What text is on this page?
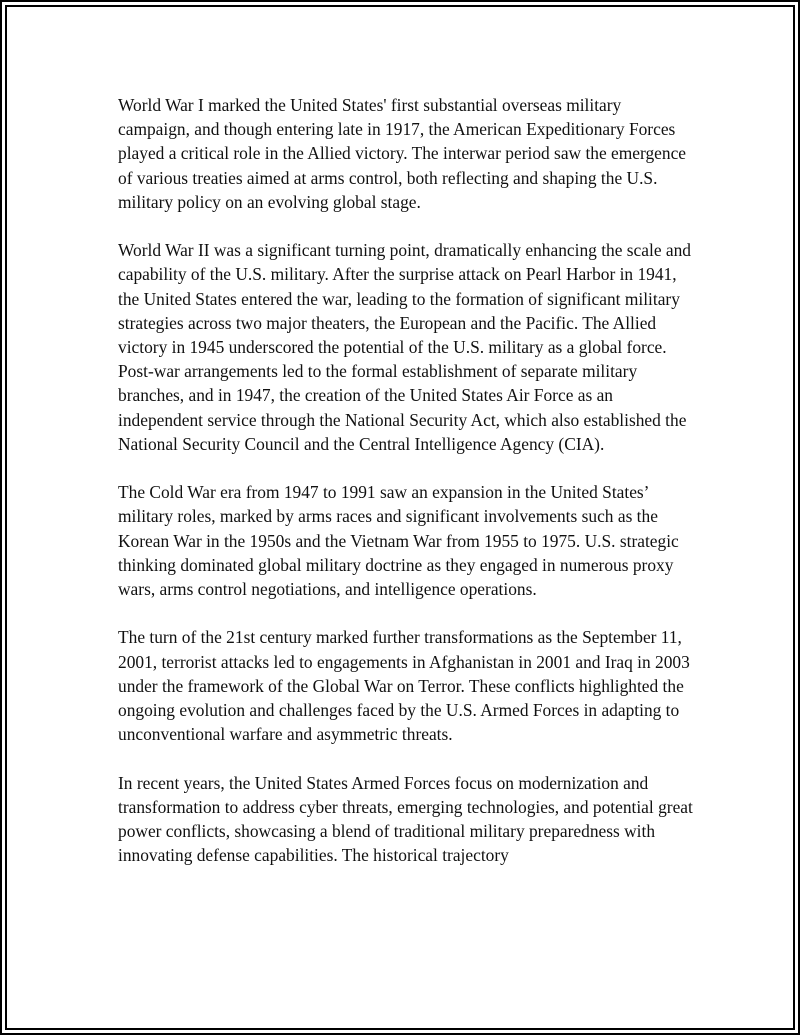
World War I marked the United States' first substantial overseas military campaign, and though entering late in 1917, the American Expeditionary Forces played a critical role in the Allied victory. The interwar period saw the emergence of various treaties aimed at arms control, both reflecting and shaping the U.S. military policy on an evolving global stage.

World War II was a significant turning point, dramatically enhancing the scale and capability of the U.S. military. After the surprise attack on Pearl Harbor in 1941, the United States entered the war, leading to the formation of significant military strategies across two major theaters, the European and the Pacific. The Allied victory in 1945 underscored the potential of the U.S. military as a global force. Post-war arrangements led to the formal establishment of separate military branches, and in 1947, the creation of the United States Air Force as an independent service through the National Security Act, which also established the National Security Council and the Central Intelligence Agency (CIA).

The Cold War era from 1947 to 1991 saw an expansion in the United States’ military roles, marked by arms races and significant involvements such as the Korean War in the 1950s and the Vietnam War from 1955 to 1975. U.S. strategic thinking dominated global military doctrine as they engaged in numerous proxy wars, arms control negotiations, and intelligence operations.

The turn of the 21st century marked further transformations as the September 11, 2001, terrorist attacks led to engagements in Afghanistan in 2001 and Iraq in 2003 under the framework of the Global War on Terror. These conflicts highlighted the ongoing evolution and challenges faced by the U.S. Armed Forces in adapting to unconventional warfare and asymmetric threats.

In recent years, the United States Armed Forces focus on modernization and transformation to address cyber threats, emerging technologies, and potential great power conflicts, showcasing a blend of traditional military preparedness with innovating defense capabilities. The historical trajectory
